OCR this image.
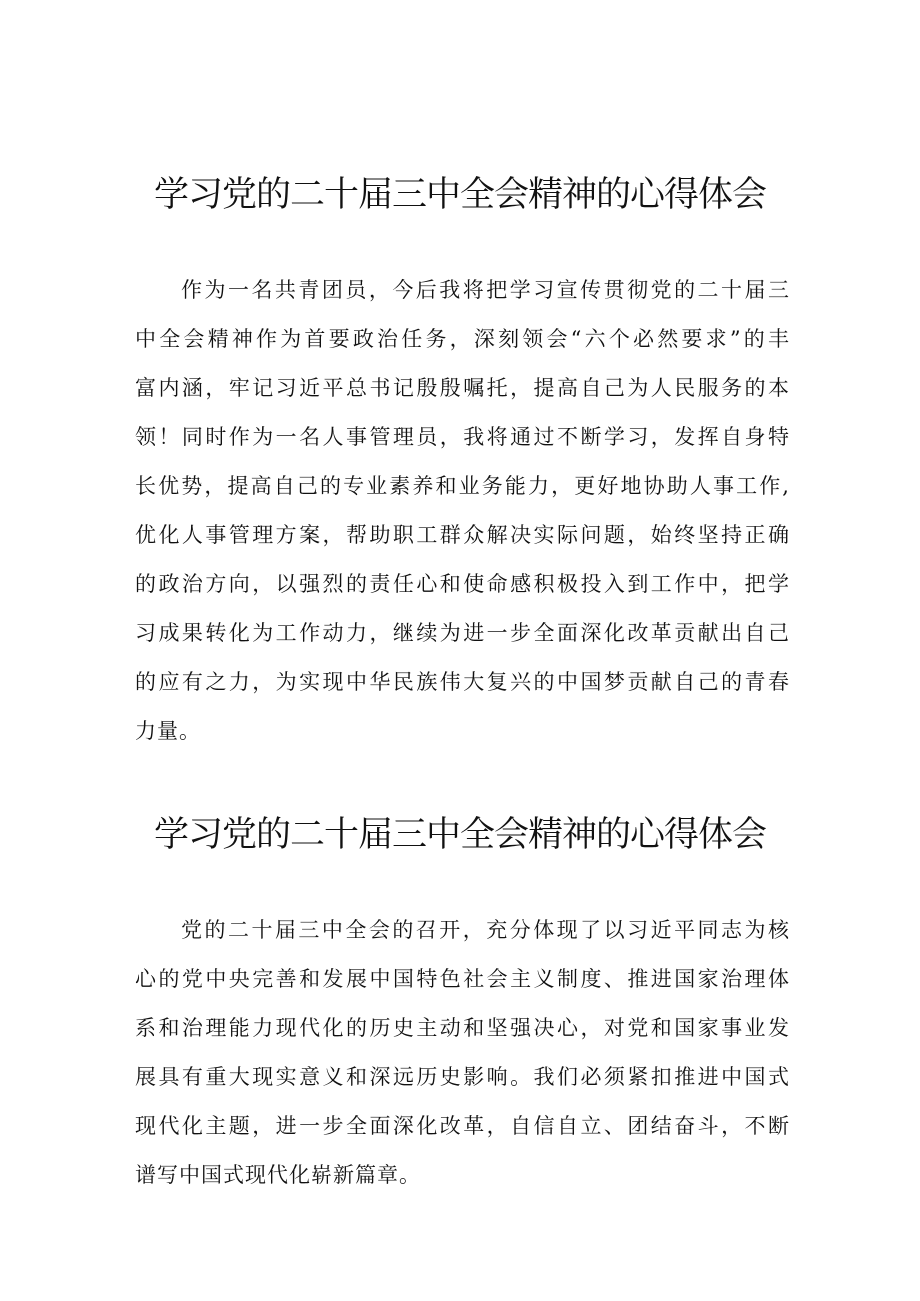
学习党的二十届三中全会精神的心得体会
作为一名共青团员，今后我将把学习宣传贯彻党的二十届三
中全会精神作为首要政治任务，深刻领会“六个必然要求”的丰
富内涵，牢记习近平总书记殷殷嘱托，提高自己为人民服务的本
领！同时作为一名人事管理员，我将通过不断学习，发挥自身特
长优势，提高自己的专业素养和业务能力，更好地协助人事工作,
优化人事管理方案，帮助职工群众解决实际问题，始终坚持正确
的政治方向，以强烈的责任心和使命感积极投入到工作中，把学
习成果转化为工作动力，继续为进一步全面深化改革贡献出自己
的应有之力，为实现中华民族伟大复兴的中国梦贡献自己的青春
力量。
学习党的二十届三中全会精神的心得体会
党的二十届三中全会的召开，充分体现了以习近平同志为核
心的党中央完善和发展中国特色社会主义制度、推进国家治理体
系和治理能力现代化的历史主动和坚强决心，对党和国家事业发
展具有重大现实意义和深远历史影响。我们必须紧扣推进中国式
现代化主题，进一步全面深化改革，自信自立、团结奋斗，不断
谱写中国式现代化崭新篇章。
